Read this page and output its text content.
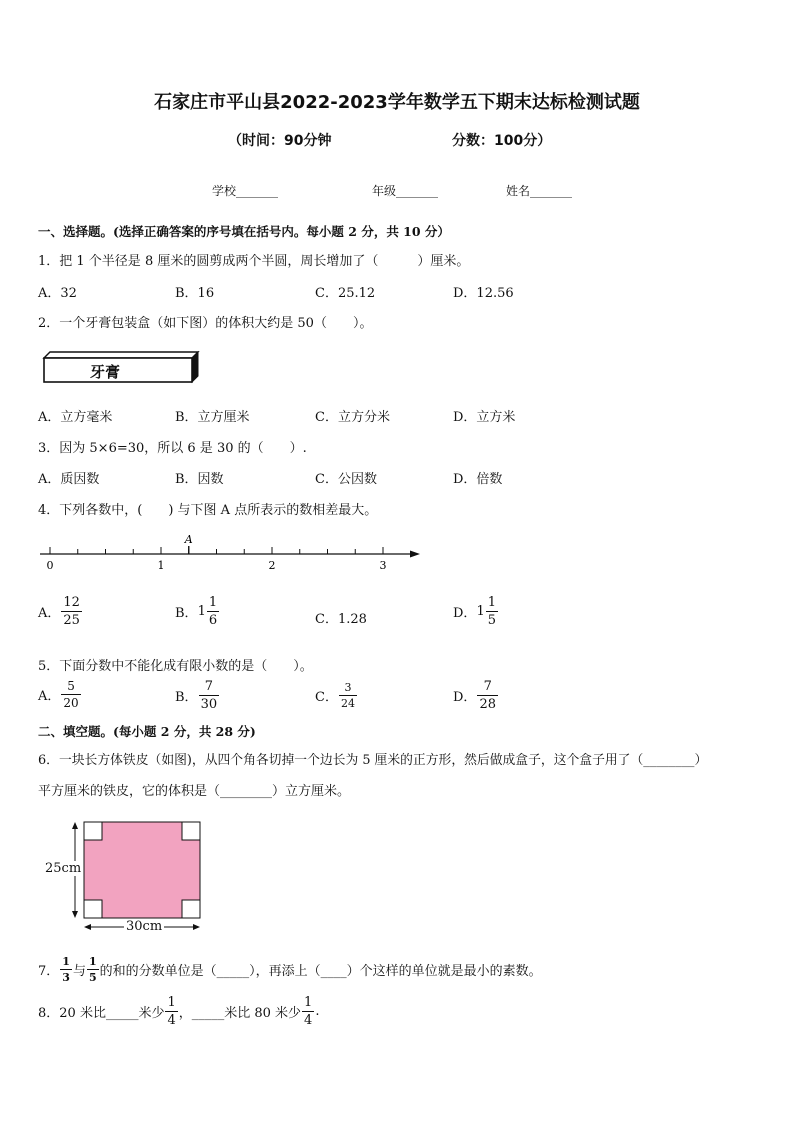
石家庄市平山县2022-2023学年数学五下期末达标检测试题
（时间：90分钟	分数：100分）
学校_______	年级_______	姓名_______
一、选择题。(选择正确答案的序号填在括号内。每小题 2 分，共 10 分）
1．把 1 个半径是 8 厘米的圆剪成两个半圆，周长增加了（　　　）厘米。
A．32	B．16	C．25.12	D．12.56
2．一个牙膏包装盒（如下图）的体积大约是 50（　　）。
牙膏
A．立方毫米	B．立方厘米	C．立方分米	D．立方米
3．因为 5×6=30，所以 6 是 30 的（　　）.
A．质因数	B．因数	C．公因数	D．倍数
4．下列各数中，(　　) 与下图 A 点所表示的数相差最大。
0	1	2	3
A
A． $\frac{12}{25}$	B． $1 \frac{1}{6}$	C．1.28	D． $1 \frac{1}{5}$
5．下面分数中不能化成有限小数的是（　　）。
A． $\frac{5}{20}$	B． $\frac{7}{30}$	C． $\frac{3}{24}$	D． $\frac{7}{28}$
二、填空题。(每小题 2 分，共 28 分)
6．一块长方体铁皮（如图)，从四个角各切掉一个边长为 5 厘米的正方形，然后做成盒子，这个盒子用了（________）
平方厘米的铁皮，它的体积是（________）立方厘米。
25cm
30cm
7． $\frac{1}{3}$ 与 $\frac{1}{5}$ 的和的分数单位是（_____），再添上（____）个这样的单位就是最小的素数。
8．20 米比_____米少 $\frac{1}{4}$ ，_____米比 80 米少 $\frac{1}{4}$ .
